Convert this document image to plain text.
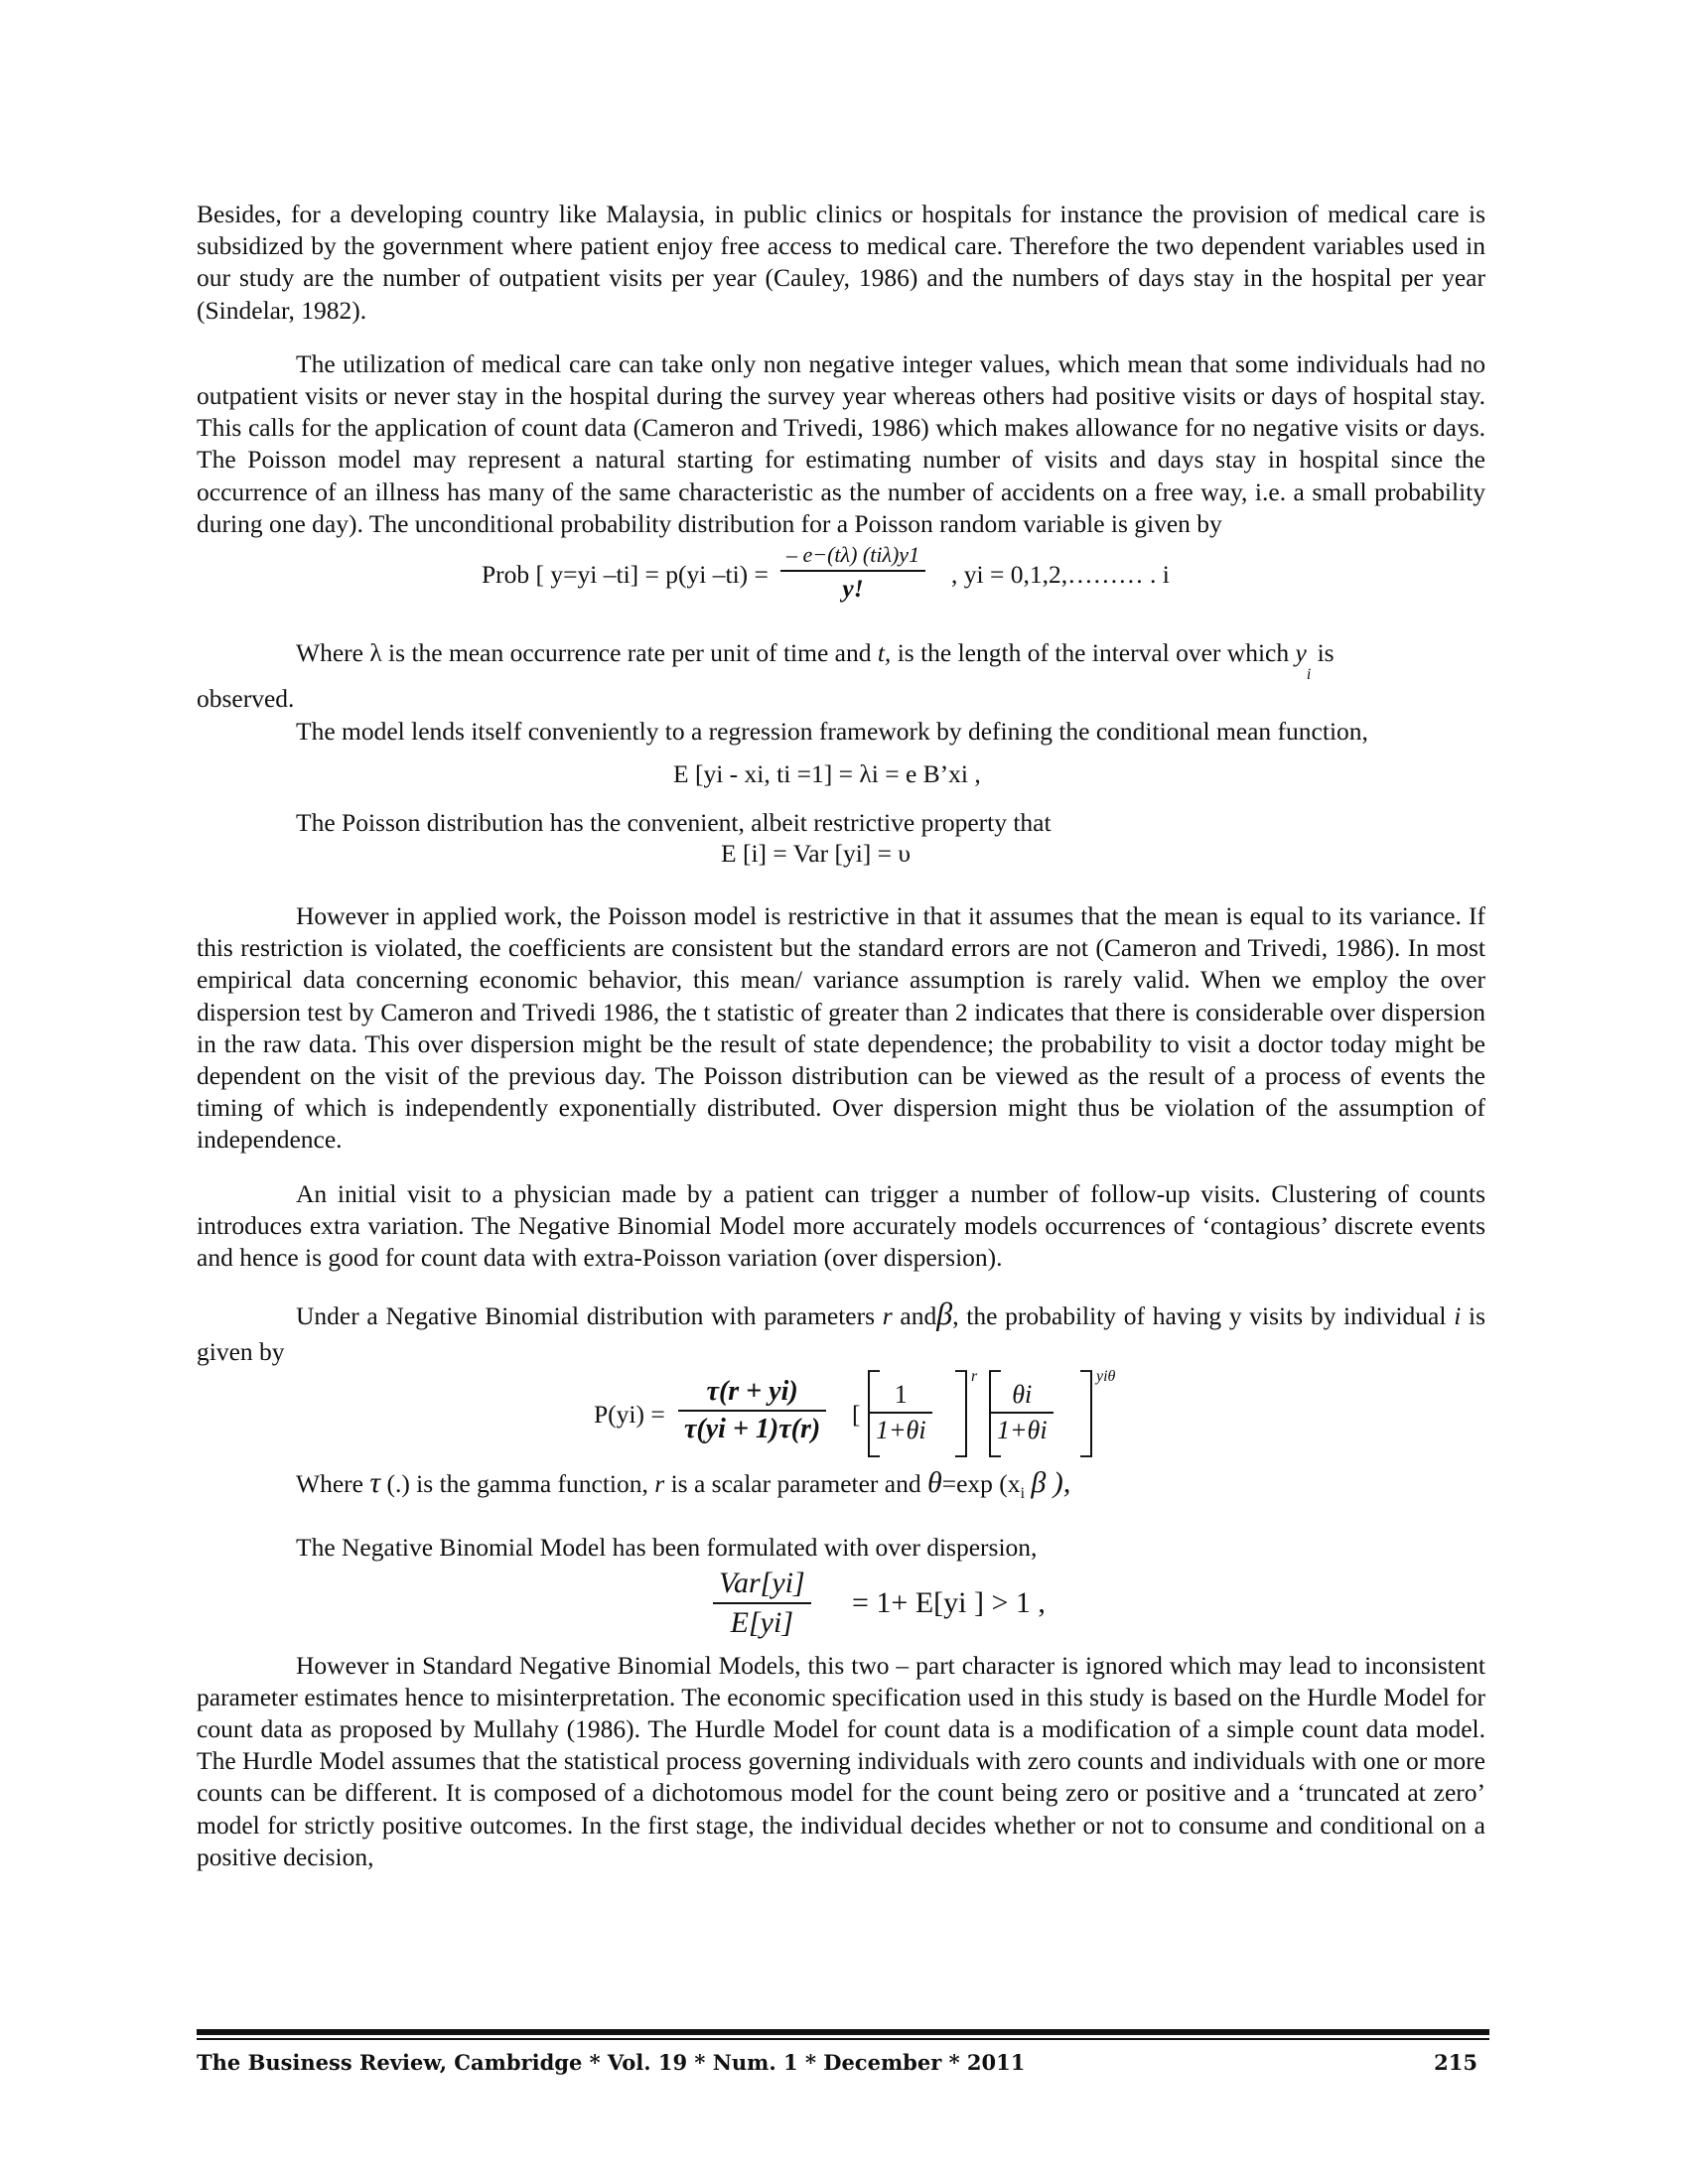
Besides, for a developing country like Malaysia, in public clinics or hospitals for instance the provision of medical care is subsidized by the government where patient enjoy free access to medical care. Therefore the two dependent variables used in our study are the number of outpatient visits per year (Cauley, 1986) and the numbers of days stay in the hospital per year (Sindelar, 1982).

The utilization of medical care can take only non negative integer values, which mean that some individuals had no outpatient visits or never stay in the hospital during the survey year whereas others had positive visits or days of hospital stay. This calls for the application of count data (Cameron and Trivedi, 1986) which makes allowance for no negative visits or days. The Poisson model may represent a natural starting for estimating number of visits and days stay in hospital since the occurrence of an illness has many of the same characteristic as the number of accidents on a free way, i.e. a small probability during one day). The unconditional probability distribution for a Poisson random variable is given by

Prob [ y=yi –ti] = p(yi –ti) =
– e−(tλ) (tiλ)y1
y!	, yi = 0,1,2,……… . i

Where λ is the mean occurrence rate per unit of time and t, is the length of the interval over which $y_i$ is

observed.

The model lends itself conveniently to a regression framework by defining the conditional mean function,

E [yi - xi, ti =1] = λi = e B’xi ,

The Poisson distribution has the convenient, albeit restrictive property that

E [i] = Var [yi] = υ

However in applied work, the Poisson model is restrictive in that it assumes that the mean is equal to its variance. If this restriction is violated, the coefficients are consistent but the standard errors are not (Cameron and Trivedi, 1986). In most empirical data concerning economic behavior, this mean/ variance assumption is rarely valid. When we employ the over dispersion test by Cameron and Trivedi 1986, the t statistic of greater than 2 indicates that there is considerable over dispersion in the raw data. This over dispersion might be the result of state dependence; the probability to visit a doctor today might be dependent on the visit of the previous day. The Poisson distribution can be viewed as the result of a process of events the timing of which is independently exponentially distributed. Over dispersion might thus be violation of the assumption of independence.

An initial visit to a physician made by a patient can trigger a number of follow-up visits. Clustering of counts introduces extra variation. The Negative Binomial Model more accurately models occurrences of ‘contagious’ discrete events and hence is good for count data with extra-Poisson variation (over dispersion).

Under a Negative Binomial distribution with parameters r andβ, the probability of having y visits by individual i is given by

$P(yi) = \frac{\tau(r + yi)}{\tau(yi + 1)\tau(r)}$ [ $\frac{1}{1+\theta i}$
r
$\frac{\theta i}{1+\theta i}$
yiθ

Where τ (.) is the gamma function, r is a scalar parameter and θ=exp ($x_i$ β ),

The Negative Binomial Model has been formulated with over dispersion,

Var[yi]
E[yi]
= 1+ E[yi ] > 1 ,

However in Standard Negative Binomial Models, this two – part character is ignored which may lead to inconsistent parameter estimates hence to misinterpretation. The economic specification used in this study is based on the Hurdle Model for count data as proposed by Mullahy (1986). The Hurdle Model for count data is a modification of a simple count data model. The Hurdle Model assumes that the statistical process governing individuals with zero counts and individuals with one or more counts can be different. It is composed of a dichotomous model for the count being zero or positive and a ‘truncated at zero’ model for strictly positive outcomes. In the first stage, the individual decides whether or not to consume and conditional on a positive decision,

The Business Review, Cambridge * Vol. 19 * Num. 1 * December * 2011	215
